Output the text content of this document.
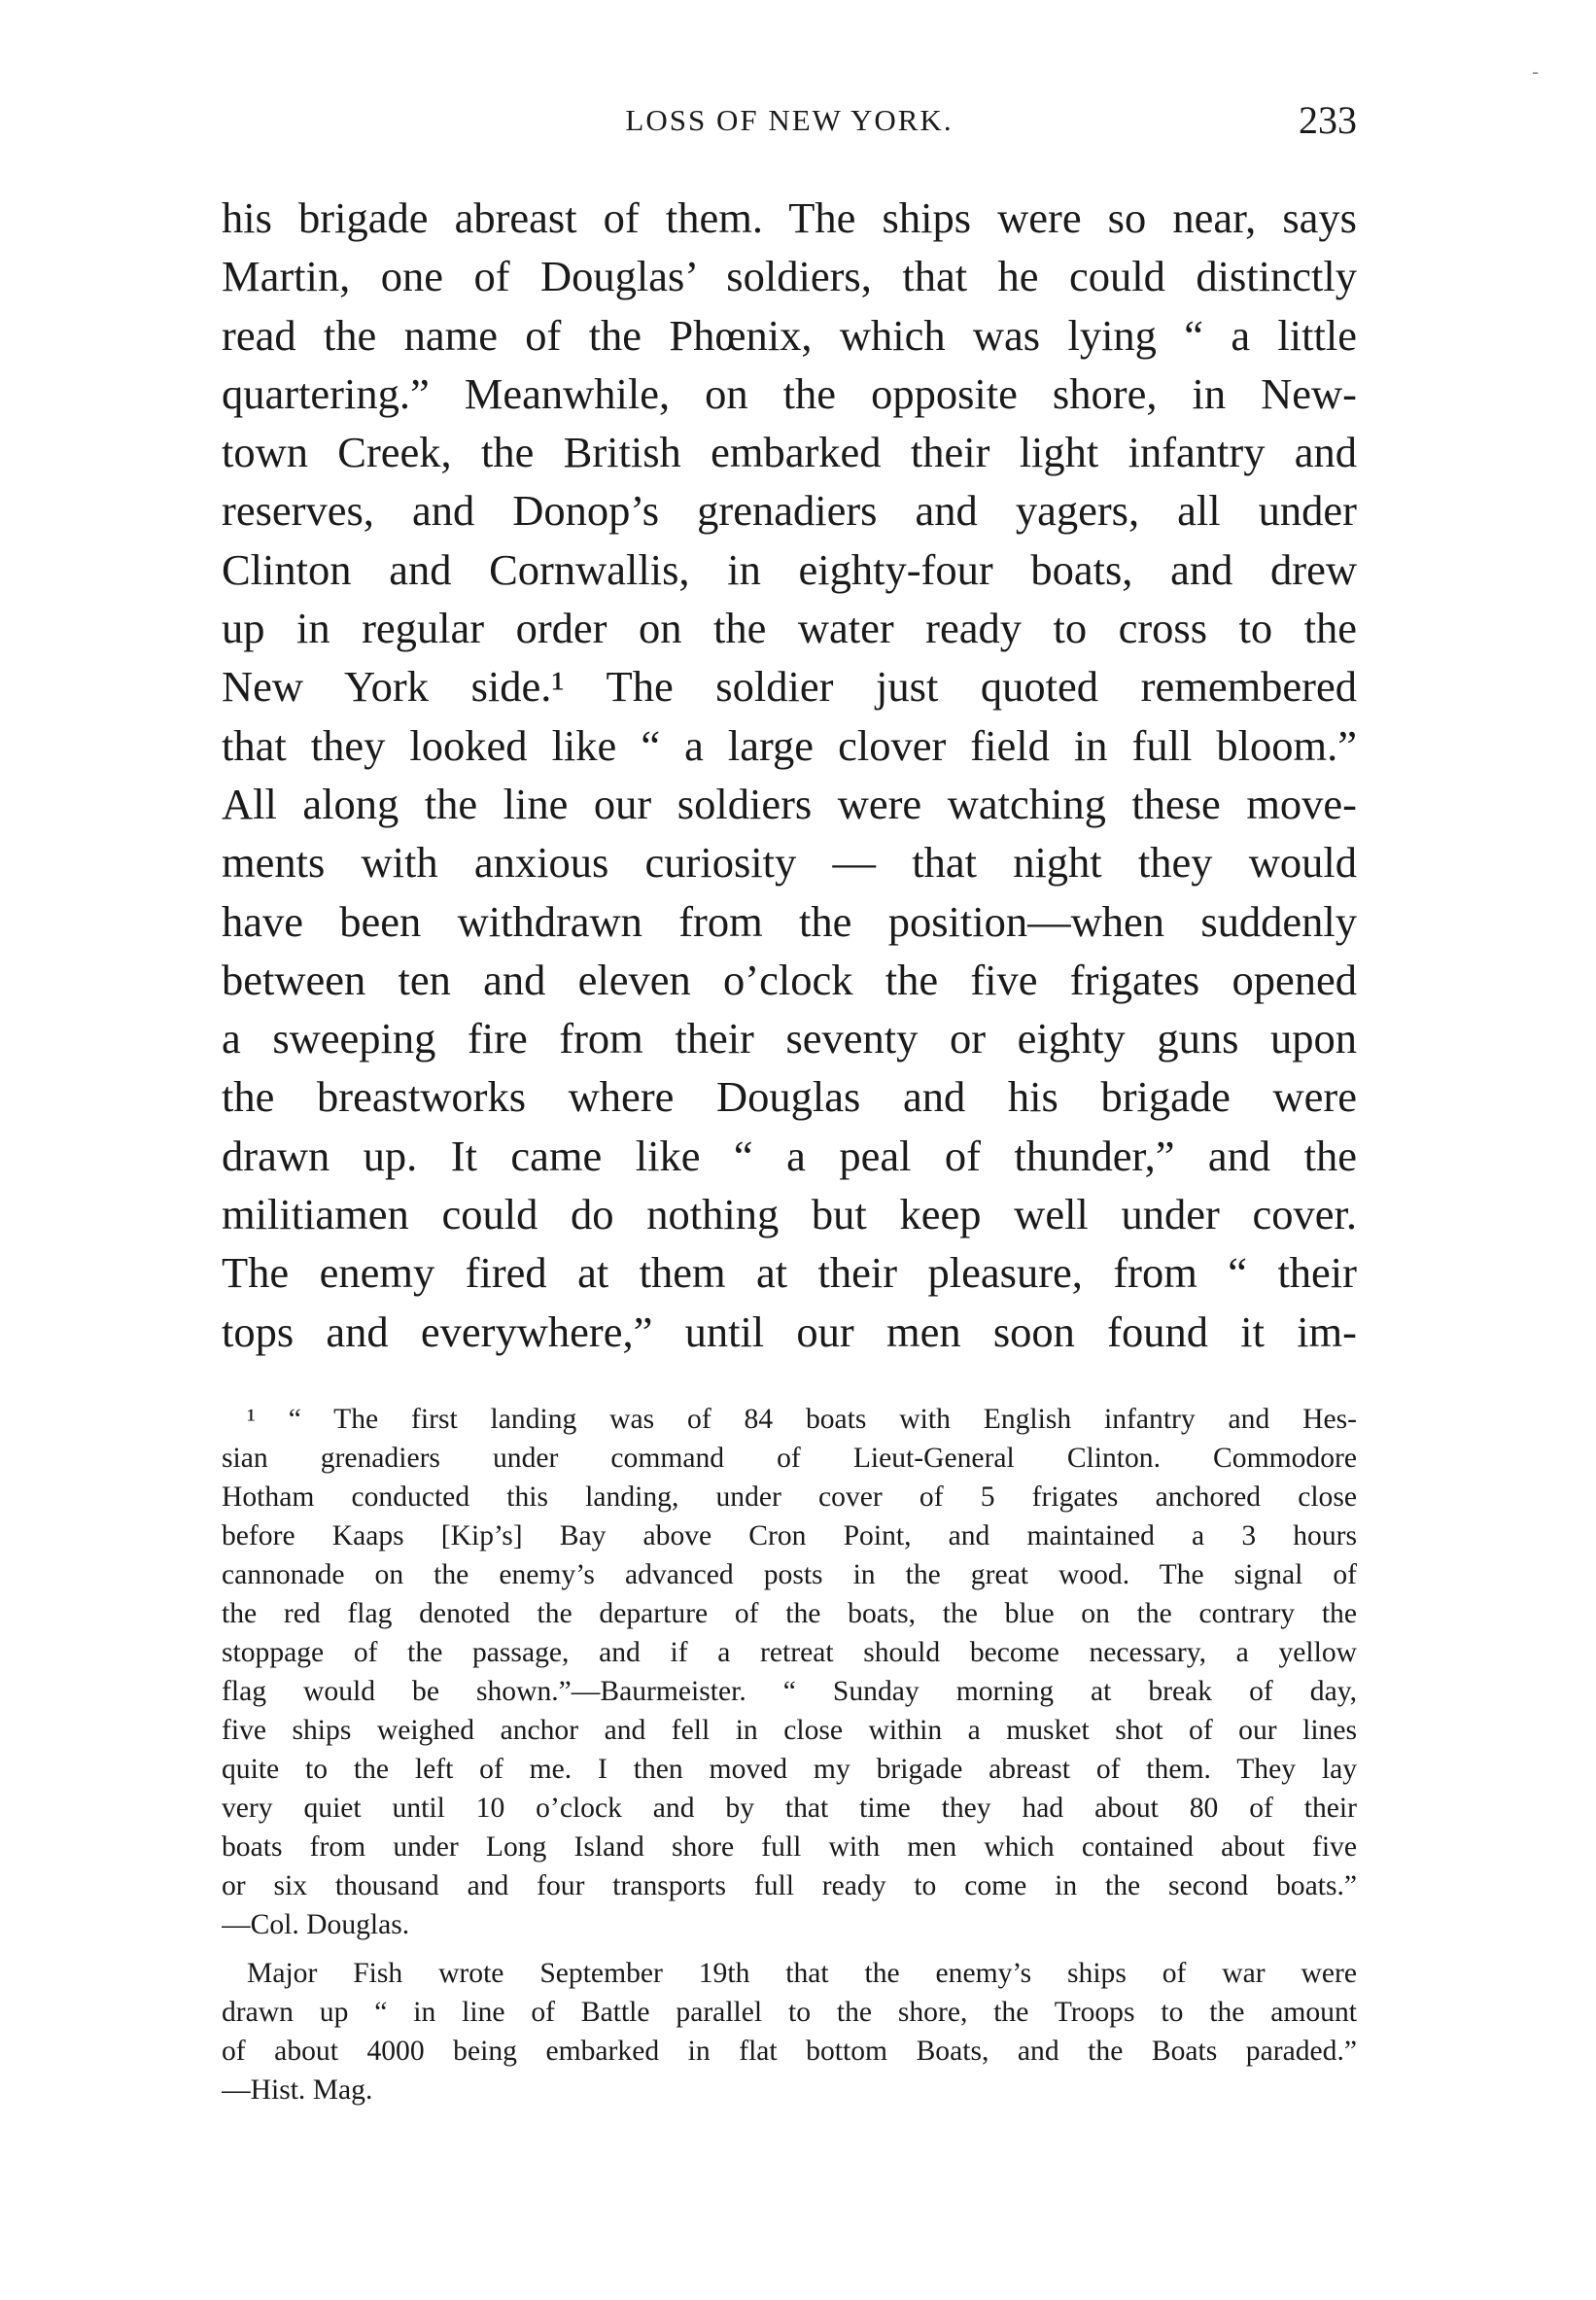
LOSS OF NEW YORK.	233
his brigade abreast of them. The ships were so near, says
Martin, one of Douglas’ soldiers, that he could distinctly
read the name of the Phœnix, which was lying “ a little
quartering.” Meanwhile, on the opposite shore, in New-
town Creek, the British embarked their light infantry and
reserves, and Donop’s grenadiers and yagers, all under
Clinton and Cornwallis, in eighty-four boats, and drew
up in regular order on the water ready to cross to the
New York side.¹ The soldier just quoted remembered
that they looked like “ a large clover field in full bloom.”
All along the line our soldiers were watching these move-
ments with anxious curiosity — that night they would
have been withdrawn from the position—when suddenly
between ten and eleven o’clock the five frigates opened
a sweeping fire from their seventy or eighty guns upon
the breastworks where Douglas and his brigade were
drawn up. It came like “ a peal of thunder,” and the
militiamen could do nothing but keep well under cover.
The enemy fired at them at their pleasure, from “ their
tops and everywhere,” until our men soon found it im-
¹ “ The first landing was of 84 boats with English infantry and Hes-
sian grenadiers under command of Lieut-General Clinton. Commodore
Hotham conducted this landing, under cover of 5 frigates anchored close
before Kaaps [Kip’s] Bay above Cron Point, and maintained a 3 hours
cannonade on the enemy’s advanced posts in the great wood. The signal of
the red flag denoted the departure of the boats, the blue on the contrary the
stoppage of the passage, and if a retreat should become necessary, a yellow
flag would be shown.”—Baurmeister. “ Sunday morning at break of day,
five ships weighed anchor and fell in close within a musket shot of our lines
quite to the left of me. I then moved my brigade abreast of them. They lay
very quiet until 10 o’clock and by that time they had about 80 of their
boats from under Long Island shore full with men which contained about five
or six thousand and four transports full ready to come in the second boats.”
—Col. Douglas.
Major Fish wrote September 19th that the enemy’s ships of war were
drawn up “ in line of Battle parallel to the shore, the Troops to the amount
of about 4000 being embarked in flat bottom Boats, and the Boats paraded.”
—Hist. Mag.
-
